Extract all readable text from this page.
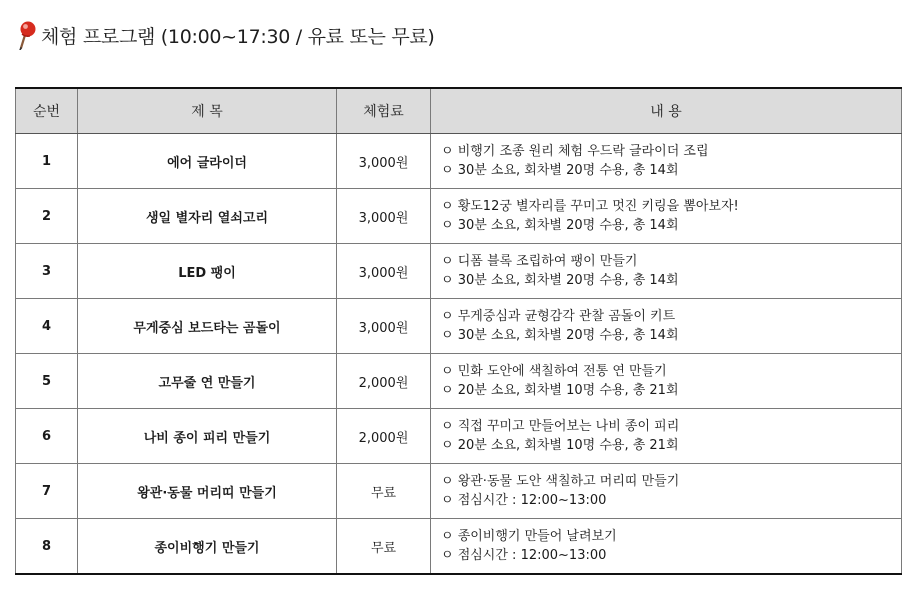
체험 프로그램 (10:00~17:30 / 유료 또는 무료)
순번	제 목	체험료	내 용
1	에어 글라이더	3,000원	ㅇ 비행기 조종 원리 체험 우드락 글라이더 조립
ㅇ 30분 소요, 회차별 20명 수용, 총 14회

2	생일 별자리 열쇠고리	3,000원	ㅇ 황도12궁 별자리를 꾸미고 멋진 키링을 뽐아보자!
ㅇ 30분 소요, 회차별 20명 수용, 총 14회

3	LED 팽이	3,000원	ㅇ 디폼 블록 조립하여 팽이 만들기
ㅇ 30분 소요, 회차별 20명 수용, 총 14회

4	무게중심 보드타는 곰돌이	3,000원	ㅇ 무게중심과 균형감각 관찰 곰돌이 키트
ㅇ 30분 소요, 회차별 20명 수용, 총 14회

5	고무줄 연 만들기	2,000원	ㅇ 민화 도안에 색칠하여 전통 연 만들기
ㅇ 20분 소요, 회차별 10명 수용, 총 21회

6	나비 종이 피리 만들기	2,000원	ㅇ 직접 꾸미고 만들어보는 나비 종이 피리
ㅇ 20분 소요, 회차별 10명 수용, 총 21회

7	왕관·동물 머리띠 만들기	무료	ㅇ 왕관·동물 도안 색칠하고 머리띠 만들기
ㅇ 점심시간 : 12:00~13:00

8	종이비행기 만들기	무료	ㅇ 종이비행기 만들어 날려보기
ㅇ 점심시간 : 12:00~13:00
